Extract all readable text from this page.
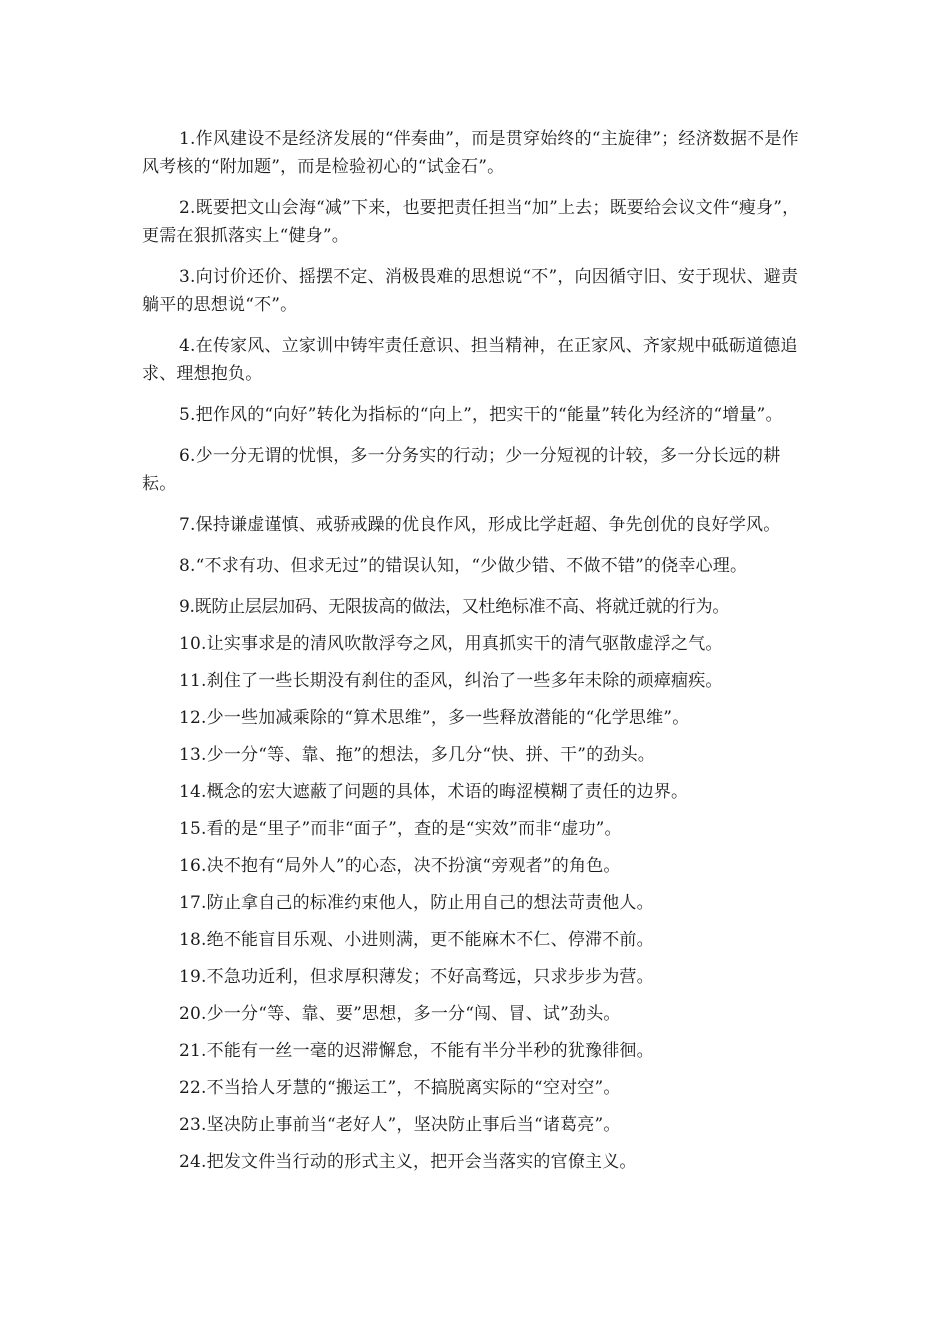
1.作风建设不是经济发展的“伴奏曲”，而是贯穿始终的“主旋律”；经济数据不是作风考核的“附加题”，而是检验初心的“试金石”。

2.既要把文山会海“减”下来，也要把责任担当“加”上去；既要给会议文件“瘦身”，更需在狠抓落实上“健身”。

3.向讨价还价、摇摆不定、消极畏难的思想说“不”，向因循守旧、安于现状、避责躺平的思想说“不”。

4.在传家风、立家训中铸牢责任意识、担当精神，在正家风、齐家规中砥砺道德追求、理想抱负。

5.把作风的“向好”转化为指标的“向上”，把实干的“能量”转化为经济的“增量”。

6.少一分无谓的忧惧，多一分务实的行动；少一分短视的计较，多一分长远的耕耘。

7.保持谦虚谨慎、戒骄戒躁的优良作风，形成比学赶超、争先创优的良好学风。

8.“不求有功、但求无过”的错误认知，“少做少错、不做不错”的侥幸心理。

9.既防止层层加码、无限拔高的做法，又杜绝标准不高、将就迁就的行为。

10.让实事求是的清风吹散浮夸之风，用真抓实干的清气驱散虚浮之气。

11.刹住了一些长期没有刹住的歪风，纠治了一些多年未除的顽瘴痼疾。

12.少一些加减乘除的“算术思维”，多一些释放潜能的“化学思维”。

13.少一分“等、靠、拖”的想法，多几分“快、拼、干”的劲头。

14.概念的宏大遮蔽了问题的具体，术语的晦涩模糊了责任的边界。

15.看的是“里子”而非“面子”，查的是“实效”而非“虚功”。

16.决不抱有“局外人”的心态，决不扮演“旁观者”的角色。

17.防止拿自己的标准约束他人，防止用自己的想法苛责他人。

18.绝不能盲目乐观、小进则满，更不能麻木不仁、停滞不前。

19.不急功近利，但求厚积薄发；不好高骛远，只求步步为营。

20.少一分“等、靠、要”思想，多一分“闯、冒、试”劲头。

21.不能有一丝一毫的迟滞懈怠，不能有半分半秒的犹豫徘徊。

22.不当拾人牙慧的“搬运工”，不搞脱离实际的“空对空”。

23.坚决防止事前当“老好人”，坚决防止事后当“诸葛亮”。

24.把发文件当行动的形式主义，把开会当落实的官僚主义。
